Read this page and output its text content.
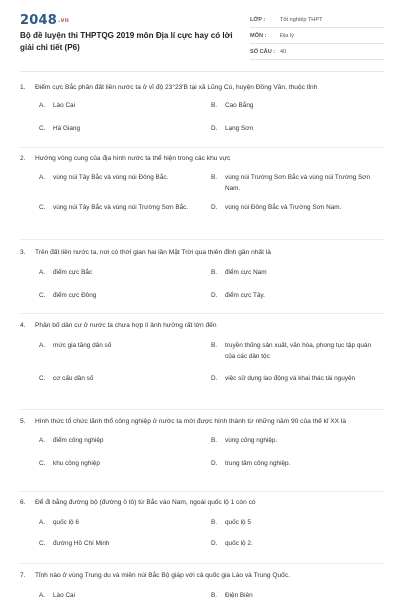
2048.vn
Bộ đề luyện thi THPTQG 2019 môn Địa lí cực hay có lời giải chi tiết (P6)
LỚP :	Tốt nghiệp THPT
MÔN :	Địa lý
SỐ CÂU : 40
1.	Điểm cực Bắc phần đất liền nước ta ở vĩ độ 23°23'B tại xã Lũng Cú, huyện Đồng Văn, thuộc tỉnh
A.	Lào Cai	B.	Cao Bằng
C.	Hà Giang	D.	Lạng Sơn
2.	Hướng vòng cung của địa hình nước ta thể hiện trong các khu vực
A.	vùng núi Tây Bắc và vùng núi Đông Bắc.	B.	vùng núi Trường Sơn Bắc và vùng núi Trường Sơn Nam.
C.	vùng núi Tây Bắc và vùng núi Trường Sơn Bắc.	D.	vùng núi Đông Bắc và Trường Sơn Nam.
3.	Trên đất liền nước ta, nơi có thời gian hai lần Mặt Trời qua thiên đỉnh gần nhất là
A.	điểm cực Bắc	B.	điểm cực Nam
C.	điểm cực Đông	D.	điểm cực Tây.
4.	Phân bố dân cư ở nước ta chưa hợp lí ảnh hưởng rất lớn đến
A.	mức gia tăng dân số	B.	truyền thống sản xuất, văn hóa, phong tục tập quán của các dân tộc
C.	cơ cấu dân số	D.	việc sử dụng lao động và khai thác tài nguyên
5.	Hình thức tổ chức lãnh thổ công nghiệp ở nước ta mới được hình thành từ những năm 90 của thế kỉ XX là
A.	điểm công nghiệp	B.	vùng công nghiệp.
C.	khu công nghiệp	D.	trung tâm công nghiệp.
6.	Để đi bằng đường bộ (đường ô tô) từ Bắc vào Nam, ngoài quốc lộ 1 còn có
A.	quốc lộ 6	B.	quốc lộ 5
C.	đường Hồ Chí Minh	D.	quốc lộ 2.
7.	Tỉnh nào ở vùng Trung du và miền núi Bắc Bộ giáp với cả quốc gia Lào và Trung Quốc.
A.	Lào Cai	B.	Điện Biên
